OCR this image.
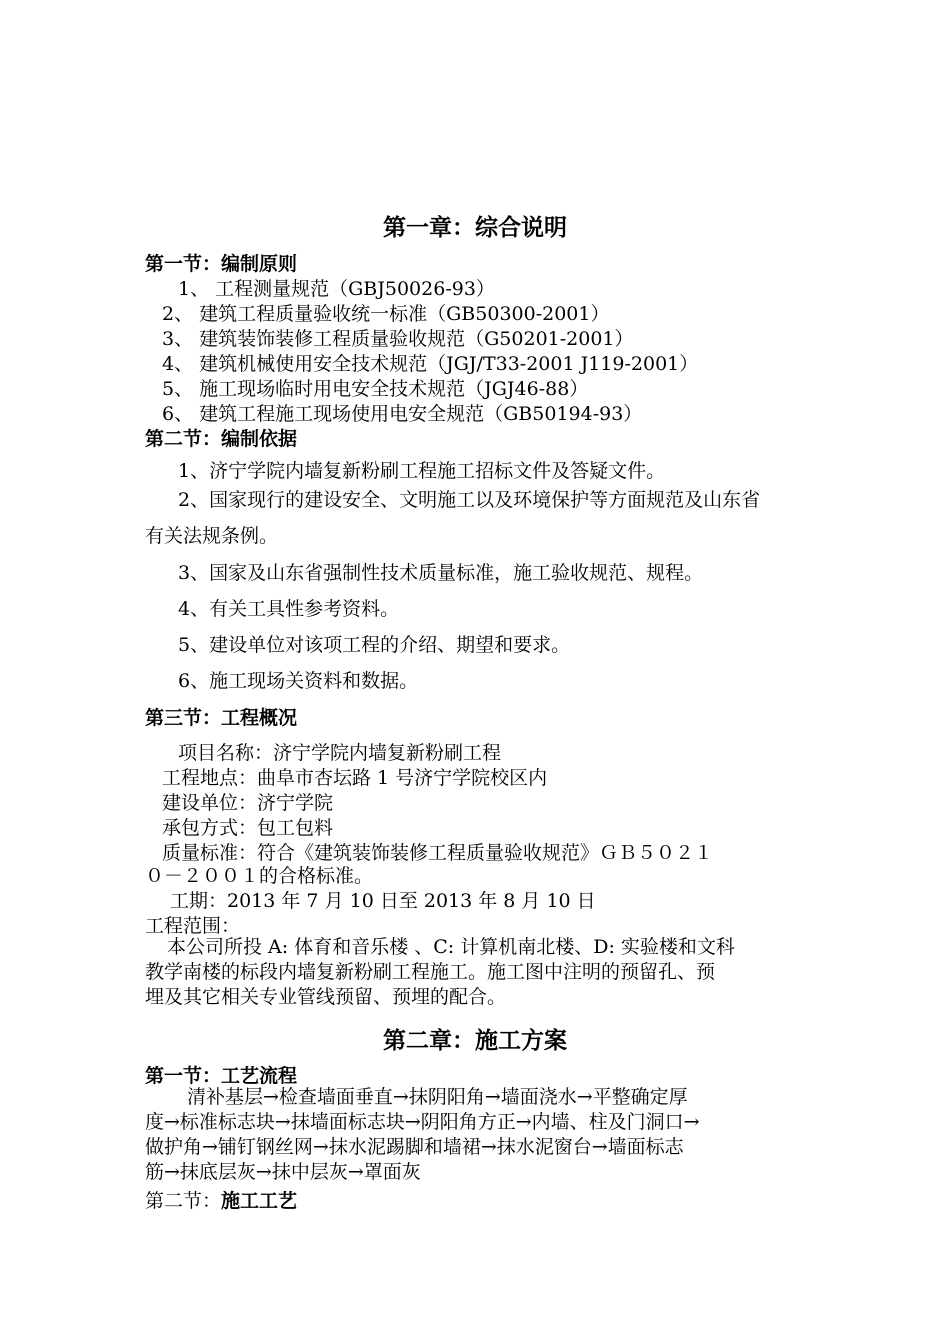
第一章：综合说明
第一节：编制原则
1、 工程测量规范（GBJ50026-93）
2、 建筑工程质量验收统一标准（GB50300-2001）
3、 建筑装饰装修工程质量验收规范（G50201-2001）
4、 建筑机械使用安全技术规范（JGJ/T33-2001 J119-2001）
5、 施工现场临时用电安全技术规范（JGJ46-88）
6、 建筑工程施工现场使用电安全规范（GB50194-93）
第二节：编制依据
1、济宁学院内墙复新粉刷工程施工招标文件及答疑文件。
2、国家现行的建设安全、文明施工以及环境保护等方面规范及山东省
有关法规条例。
3、国家及山东省强制性技术质量标准，施工验收规范、规程。
4、有关工具性参考资料。
5、建设单位对该项工程的介绍、期望和要求。
6、施工现场关资料和数据。
第三节：工程概况
项目名称：济宁学院内墙复新粉刷工程
工程地点：曲阜市杏坛路 1 号济宁学院校区内
建设单位：济宁学院
承包方式：包工包料
质量标准：符合《建筑装饰装修工程质量验收规范》ＧＢ５０２１
０－２００１的合格标准。
工期：2013 年 7 月 10 日至 2013 年 8 月 10 日
工程范围：
本公司所投 A: 体育和音乐楼 、C: 计算机南北楼、D: 实验楼和文科
教学南楼的标段内墙复新粉刷工程施工。施工图中注明的预留孔、预
埋及其它相关专业管线预留、预埋的配合。
第二章：施工方案
第一节：工艺流程
清补基层→检查墙面垂直→抹阴阳角→墙面浇水→平整确定厚
度→标准标志块→抹墙面标志块→阴阳角方正→内墙、柱及门洞口→
做护角→铺钉钢丝网→抹水泥踢脚和墙裙→抹水泥窗台→墙面标志
筋→抹底层灰→抹中层灰→罩面灰
第二节：施工工艺
